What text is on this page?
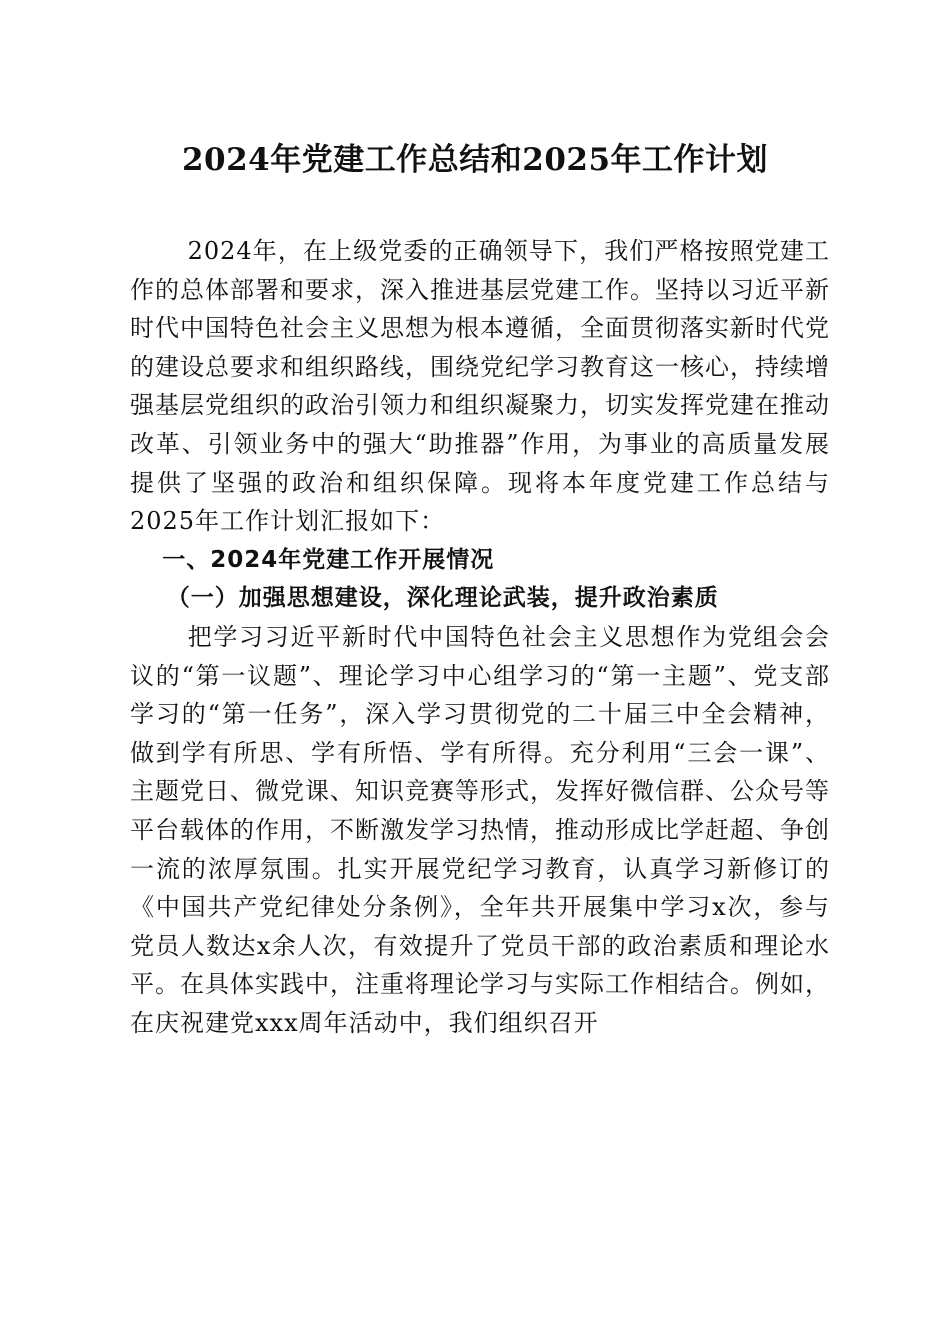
2024年党建工作总结和2025年工作计划

2024年，在上级党委的正确领导下，我们严格按照党建工作的总体部署和要求，深入推进基层党建工作。坚持以习近平新时代中国特色社会主义思想为根本遵循，全面贯彻落实新时代党的建设总要求和组织路线，围绕党纪学习教育这一核心，持续增强基层党组织的政治引领力和组织凝聚力，切实发挥党建在推动改革、引领业务中的强大“助推器”作用，为事业的高质量发展提供了坚强的政治和组织保障。现将本年度党建工作总结与2025年工作计划汇报如下：

一、2024年党建工作开展情况

（一）加强思想建设，深化理论武装，提升政治素质

把学习习近平新时代中国特色社会主义思想作为党组会会议的“第一议题”、理论学习中心组学习的“第一主题”、党支部学习的“第一任务”，深入学习贯彻党的二十届三中全会精神，做到学有所思、学有所悟、学有所得。充分利用“三会一课”、主题党日、微党课、知识竞赛等形式，发挥好微信群、公众号等平台载体的作用，不断激发学习热情，推动形成比学赶超、争创一流的浓厚氛围。扎实开展党纪学习教育，认真学习新修订的《中国共产党纪律处分条例》，全年共开展集中学习x次，参与党员人数达x余人次，有效提升了党员干部的政治素质和理论水平。在具体实践中，注重将理论学习与实际工作相结合。例如，在庆祝建党xxx周年活动中，我们组织召开
